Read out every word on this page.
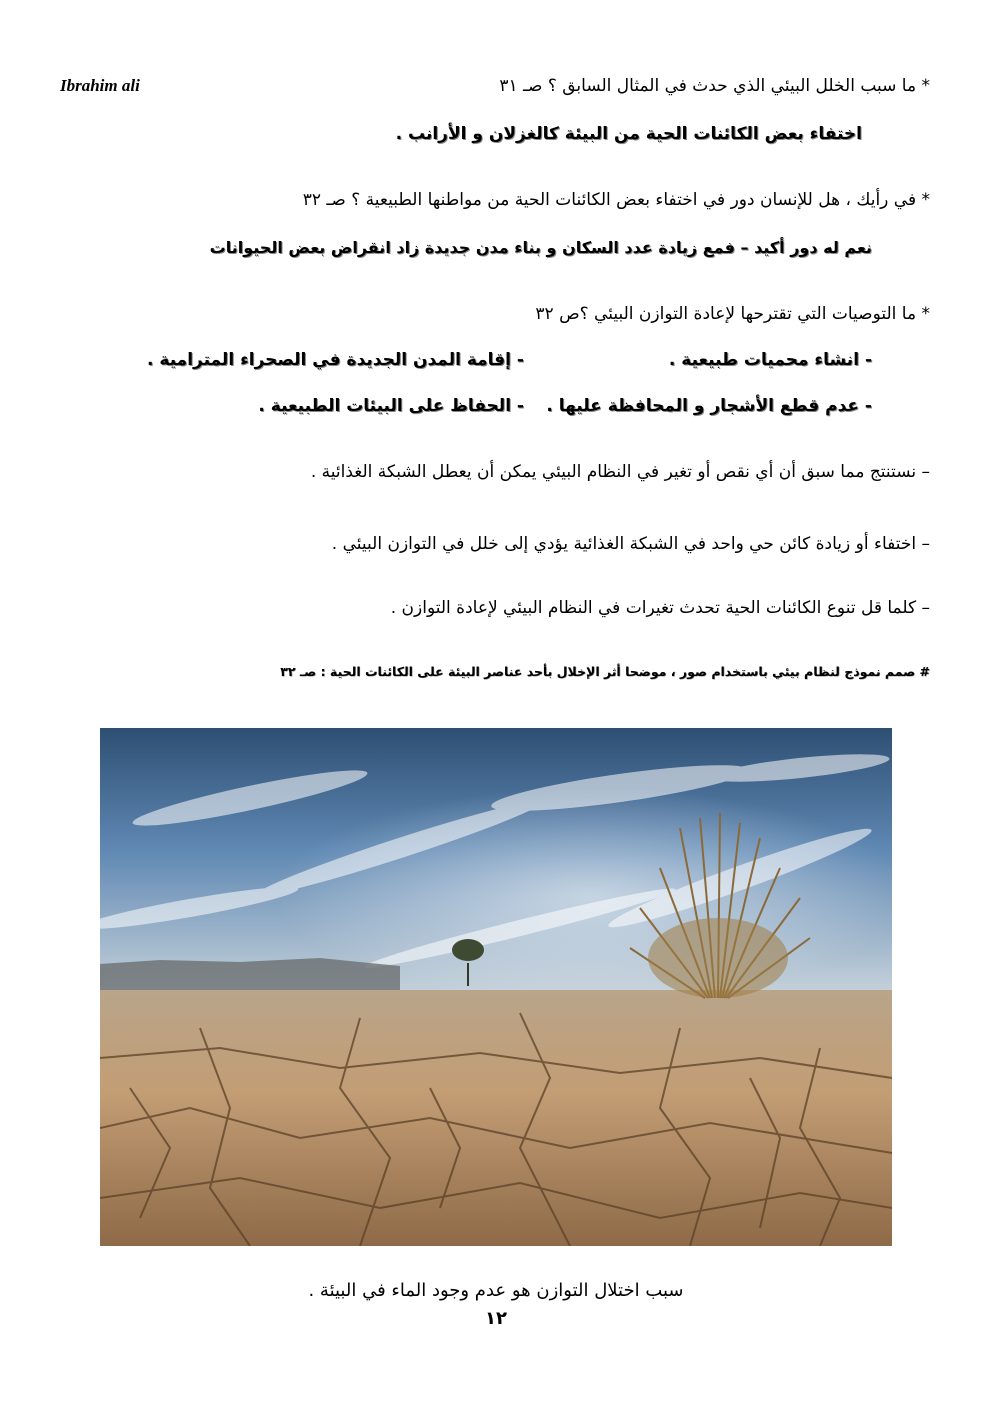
Ibrahim ali	* ما سبب الخلل البيئي الذي حدث في المثال السابق ؟ صـ ٣١
اختفاء بعض الكائنات الحية من البيئة كالغزلان و الأرانب .
* في رأيك ، هل للإنسان دور في اختفاء بعض الكائنات الحية من مواطنها الطبيعية ؟ صـ ٣٢
نعم له دور أكيد – فمع زيادة عدد السكان و بناء مدن جديدة زاد انقراض بعض الحيوانات
* ما التوصيات التي تقترحها لإعادة التوازن البيئي ؟ص ٣٢
- انشاء محميات طبيعية .
- إقامة المدن الجديدة في الصحراء المترامية .
- عدم قطع الأشجار و المحافظة عليها .
- الحفاظ على البيئات الطبيعية .
– نستنتج مما سبق أن أي نقص أو تغير في النظام البيئي يمكن أن يعطل الشبكة الغذائية .
– اختفاء أو زيادة كائن حي واحد في الشبكة الغذائية يؤدي إلى خلل في التوازن البيئي .
– كلما قل تنوع الكائنات الحية تحدث تغيرات في النظام البيئي لإعادة التوازن .
# صمم نموذج لنظام بيئي باستخدام صور ، موضحا أثر الإخلال بأحد عناصر البيئة على الكائنات الحية : صـ ٣٢
سبب اختلال التوازن هو عدم وجود الماء في البيئة .
١٢
